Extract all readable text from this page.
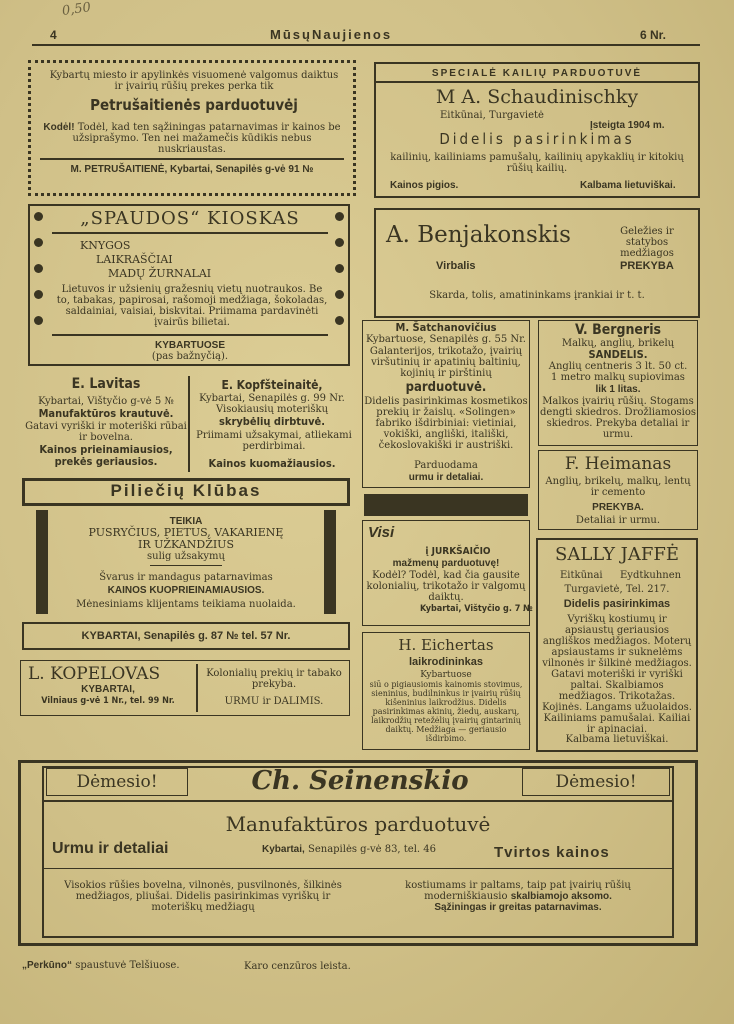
0,50
4	MūsųNaujienos	6 Nr.
Kybartų miesto ir apylinkės visuomenė valgomus daiktus ir įvairių rūšių prekes perka tik
Petrušaitienės parduotuvėj
Kodėl! Todėl, kad ten sąžiningas patarnavimas ir kainos be užsiprašymo. Ten nei mažamečis kūdikis nebus nuskriaustas.
M. PETRUŠAITIENĖ, Kybartai, Senapilės g-vė 91 №
SPECIALĖ KAILIŲ PARDUOTUVĖ
M A. Schaudinischky
Eitkūnai, Turgavietė
Įsteigta 1904 m.
Didelis pasirinkimas
kailinių, kailiniams pamušalų, kailinių apykaklių ir kitokių rūšių kailių.
Kainos pigios.	Kalbama lietuviškai.
„SPAUDOS“ KIOSKAS
KNYGOS
LAIKRAŠČIAI
MADŲ ŽURNALAI
Lietuvos ir užsienių gražesnių vietų nuotraukos. Be to, tabakas, papirosai, rašomoji medžiaga, šokoladas, saldainiai, vaisiai, biskvitai. Priimama pardavinėti įvairūs bilietai.
KYBARTUOSE
(pas bažnyčią).
A. Benjakonskis	Geležies ir statybos medžiagos
Virbalis	PREKYBA
Skarda, tolis, amatininkams įrankiai ir t. t.
E. Lavitas
Kybartai, Vištyčio g-vė 5 №
Manufaktūros krautuvė.
Gatavi vyriški ir moteriški rūbai ir bovelna.
Kainos prieinamiausios, prekės geriausios.
E. Kopfšteinaitė,
Kybartai, Senapilės g. 99 Nr.
Visokiausių moteriškų
skrybėlių dirbtuvė.
Priimami užsakymai, atliekami perdirbimai.
Kainos kuomažiausios.
Piliečių Klūbas
TEIKIA
PUSRYČIUS, PIETUS, VAKARIENĘ
IR UŽKANDŽIUS
sulig užsakymų
Švarus ir mandagus patarnavimas
KAINOS KUOPRIEINAMIAUSIOS.
Mėnesiniams klijentams teikiama nuolaida.
KYBARTAI, Senapilės g. 87 № tel. 57 Nr.
L. KOPELOVAS
KYBARTAI,
Vilniaus g-vė 1 Nr., tel. 99 Nr.
Kolonialių prekių ir tabako prekyba.
URMU ir DALIMIS.
M. Šatchanovičius
Kybartuose, Senapilės g. 55 Nr.
Galanterijos, trikotažo, įvairių viršutinių ir apatinių baltinių, kojinių ir pirštinių
parduotuvė.
Didelis pasirinkimas kosmetikos prekių ir žaislų. «Solingen» fabriko išdirbiniai: vietiniai, vokiški, angliški, itališki, čekoslovakiški ir austriški.
Parduodama
urmu ir detaliai.
V. Bergneris
Malkų, anglių, brikelų
SANDELIS.
Anglių centneris 3 lt. 50 ct.
1 metro malkų supiovimas
lik 1 litas.
Malkos įvairių rūšių. Stogams dengti skiedros. Drožliamosios skiedros. Prekyba detaliai ir urmu.
F. Heimanas
Anglių, brikelų, malkų, lentų ir cemento
PREKYBA.
Detaliai ir urmu.
Visi
į JURKŠAIČIO
mažmenų parduotuvę!
Kodėl? Todėl, kad čia gausite kolonialių, trikotažo ir valgomų daiktų.
Kybartai, Vištyčio g. 7 №
SALLY JAFFĖ
Eitkūnai Eydtkuhnen
Turgavietė, Tel. 217.
Didelis pasirinkimas
Vyriškų kostiumų ir apsiaustų geriausios angliškos medžiagos. Moterų apsiaustams ir suknelėms vilnonės ir šilkinė medžiagos. Gatavi moteriški ir vyriški paltai. Skalbiamos medžiagos. Trikotažas. Kojinės. Langams užuolaidos. Kailiniams pamušalai. Kailiai ir apinaciai.
Kalbama lietuviškai.
H. Eichertas
laikrodininkas
Kybartuose
siū o pigiausiomis kainomis stovimus, sieninius, budilninkus ir įvairių rūšių kišeninius laikrodžius. Didelis pasirinkimas akinių, žiedų, auskarų, laikrodžių retežėlių įvairių gintarinių daiktų. Medžiaga — geriausio išdirbimo.
Dėmesio!	Ch. Seinenskio	Dėmesio!
Manufaktūros parduotuvė
Urmu ir detaliai	Kybartai, Senapilės g-vė 83, tel. 46	Tvirtos kainos
Visokios rūšies bovelna, vilnonės, pusvilnonės, šilkinės medžiagos, pliušai. Didelis pasirinkimas vyriškų ir moteriškų medžiagų
kostiumams ir paltams, taip pat įvairių rūšių moderniškiausio skalbiamojo aksomo.
Sąžiningas ir greitas patarnavimas.
„Perkūno“ spaustuvė Telšiuose.	Karo cenzūros leista.
